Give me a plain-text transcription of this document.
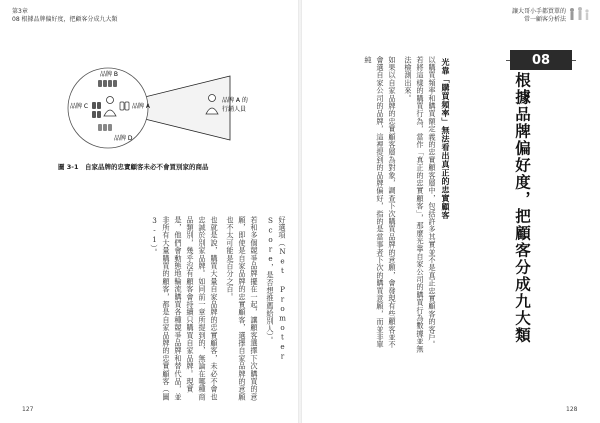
第3章
08 根據品牌偏好度，把顧客分成九大類
品牌 B
品牌 C	品牌 A
品牌 D
品牌 A 的
行銷人員
圖 3-1　自家品牌的忠實顧客未必不會買別家的商品

好選項（Net Promoter Score，是否想推薦給別人）。

若和多個競爭品牌擺在一起，讓顧客選擇下次購買的意願，即使是自家品牌的忠實顧客，選擇自家品牌的意願也不太可能是百分之百。

也就是說，購買大量自家品牌的忠實顧客，未必不會也忠誠於別家品牌。如同前一章所提到的，無論在哪種商品類別，幾乎沒有顧客會持續只購買自家品牌。現實是，他們會動態地輪流購買各種競爭品牌和替代品，並非所有大量購買的顧客，都是自家品牌的忠實顧客（圖3-1）。

127
讓大哥小手都買單的
常一顧客分析法
08
根據品牌偏好度，把顧客分成九大類
光靠「購買頻率」無法看出真正的忠實顧客

以購買頻率和購買額定義的忠實顧客層中，包括許多其實並不是真正忠實顧客的客戶。若將這樣的購買行為，當作「真正的忠實顧客」，那麼光靠自家公司的購買行為數據並無法檢測出來。

如果以自家品牌的忠實顧客層為對象，調查下次購買品牌的意願，會發現有些顧客並不會選自家公司的品牌，這裡提到的品牌偏好，指的是當事者下次的購買意願，而並非單純

128
